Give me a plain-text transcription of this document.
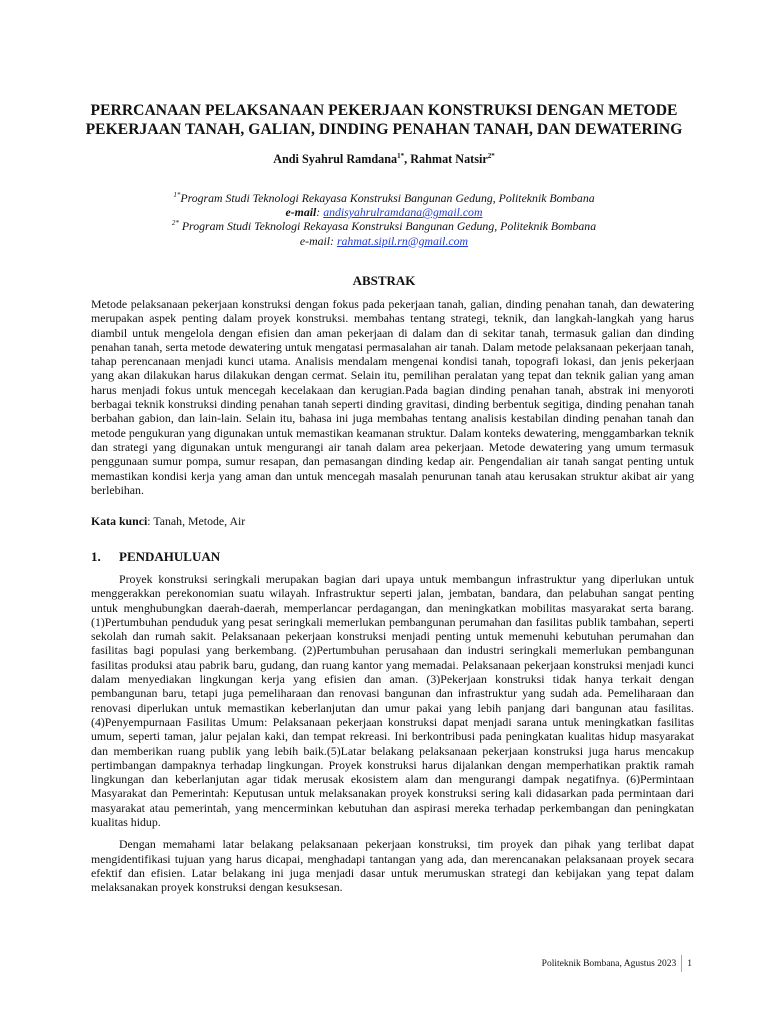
PERRCANAAN PELAKSANAAN PEKERJAAN KONSTRUKSI DENGAN METODE
PEKERJAAN TANAH, GALIAN, DINDING PENAHAN TANAH, DAN DEWATERING
Andi Syahrul Ramdana$^{1*}$, Rahmat Natsir$^{2*}$
$^{1*}$Program Studi Teknologi Rekayasa Konstruksi Bangunan Gedung, Politeknik Bombana
e-mail: andisyahrulramdana@gmail.com
$^{2*}$ Program Studi Teknologi Rekayasa Konstruksi Bangunan Gedung, Politeknik Bombana
e-mail: rahmat.sipil.rn@gmail.com
ABSTRAK

Metode pelaksanaan pekerjaan konstruksi dengan fokus pada pekerjaan tanah, galian, dinding penahan tanah, dan dewatering merupakan aspek penting dalam proyek konstruksi. membahas tentang strategi, teknik, dan langkah-langkah yang harus diambil untuk mengelola dengan efisien dan aman pekerjaan di dalam dan di sekitar tanah, termasuk galian dan dinding penahan tanah, serta metode dewatering untuk mengatasi permasalahan air tanah. Dalam metode pelaksanaan pekerjaan tanah, tahap perencanaan menjadi kunci utama. Analisis mendalam mengenai kondisi tanah, topografi lokasi, dan jenis pekerjaan yang akan dilakukan harus dilakukan dengan cermat. Selain itu, pemilihan peralatan yang tepat dan teknik galian yang aman harus menjadi fokus untuk mencegah kecelakaan dan kerugian.Pada bagian dinding penahan tanah, abstrak ini menyoroti berbagai teknik konstruksi dinding penahan tanah seperti dinding gravitasi, dinding berbentuk segitiga, dinding penahan tanah berbahan gabion, dan lain-lain. Selain itu, bahasa ini juga membahas tentang analisis kestabilan dinding penahan tanah dan metode pengukuran yang digunakan untuk memastikan keamanan struktur. Dalam konteks dewatering, menggambarkan teknik dan strategi yang digunakan untuk mengurangi air tanah dalam area pekerjaan. Metode dewatering yang umum termasuk penggunaan sumur pompa, sumur resapan, dan pemasangan dinding kedap air. Pengendalian air tanah sangat penting untuk memastikan kondisi kerja yang aman dan untuk mencegah masalah penurunan tanah atau kerusakan struktur akibat air yang berlebihan.

Kata kunci: Tanah, Metode, Air
1. PENDAHULUAN

Proyek konstruksi seringkali merupakan bagian dari upaya untuk membangun infrastruktur yang diperlukan untuk menggerakkan perekonomian suatu wilayah. Infrastruktur seperti jalan, jembatan, bandara, dan pelabuhan sangat penting untuk menghubungkan daerah-daerah, memperlancar perdagangan, dan meningkatkan mobilitas masyarakat serta barang. (1)Pertumbuhan penduduk yang pesat seringkali memerlukan pembangunan perumahan dan fasilitas publik tambahan, seperti sekolah dan rumah sakit. Pelaksanaan pekerjaan konstruksi menjadi penting untuk memenuhi kebutuhan perumahan dan fasilitas bagi populasi yang berkembang. (2)Pertumbuhan perusahaan dan industri seringkali memerlukan pembangunan fasilitas produksi atau pabrik baru, gudang, dan ruang kantor yang memadai. Pelaksanaan pekerjaan konstruksi menjadi kunci dalam menyediakan lingkungan kerja yang efisien dan aman. (3)Pekerjaan konstruksi tidak hanya terkait dengan pembangunan baru, tetapi juga pemeliharaan dan renovasi bangunan dan infrastruktur yang sudah ada. Pemeliharaan dan renovasi diperlukan untuk memastikan keberlanjutan dan umur pakai yang lebih panjang dari bangunan atau fasilitas. (4)Penyempurnaan Fasilitas Umum: Pelaksanaan pekerjaan konstruksi dapat menjadi sarana untuk meningkatkan fasilitas umum, seperti taman, jalur pejalan kaki, dan tempat rekreasi. Ini berkontribusi pada peningkatan kualitas hidup masyarakat dan memberikan ruang publik yang lebih baik.(5)Latar belakang pelaksanaan pekerjaan konstruksi juga harus mencakup pertimbangan dampaknya terhadap lingkungan. Proyek konstruksi harus dijalankan dengan memperhatikan praktik ramah lingkungan dan keberlanjutan agar tidak merusak ekosistem alam dan mengurangi dampak negatifnya. (6)Permintaan Masyarakat dan Pemerintah: Keputusan untuk melaksanakan proyek konstruksi sering kali didasarkan pada permintaan dari masyarakat atau pemerintah, yang mencerminkan kebutuhan dan aspirasi mereka terhadap perkembangan dan peningkatan kualitas hidup.

Dengan memahami latar belakang pelaksanaan pekerjaan konstruksi, tim proyek dan pihak yang terlibat dapat mengidentifikasi tujuan yang harus dicapai, menghadapi tantangan yang ada, dan merencanakan pelaksanaan proyek secara efektif dan efisien. Latar belakang ini juga menjadi dasar untuk merumuskan strategi dan kebijakan yang tepat dalam melaksanakan proyek konstruksi dengan kesuksesan.

Politeknik Bombana, Agustus 2023 1
